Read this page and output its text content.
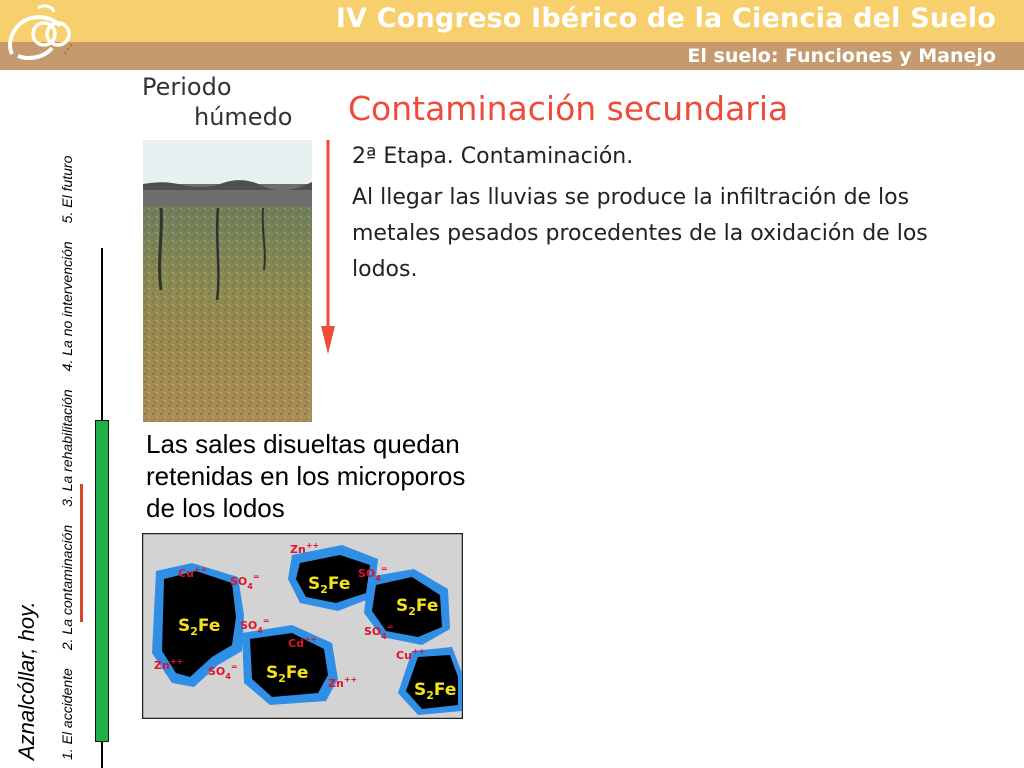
IV Congreso Ibérico de la Ciencia del Suelo
El suelo: Funciones y Manejo
Aznalcóllar, hoy. 1. El accidente
2. La contaminación
3. La rehabilitación
4. La no intervención
5. El futuro
Periodo
húmedo Contaminación secundaria
2ª Etapa. Contaminación.
Al llegar las lluvias se produce la infiltración de los metales pesados procedentes de la oxidación de los lodos.
Las sales disueltas quedan retenidas en los microporos de los lodos
$S_2Fe$
$S_2Fe$
$S_2Fe$
$S_2Fe$
$S_2Fe$
Cu++
$SO_4^=$
Zn++
$SO_4^=$
$SO_4^=$
Cd++
$SO_4^=$
Cu++
Zn++
$SO_4^=$
Zn++
